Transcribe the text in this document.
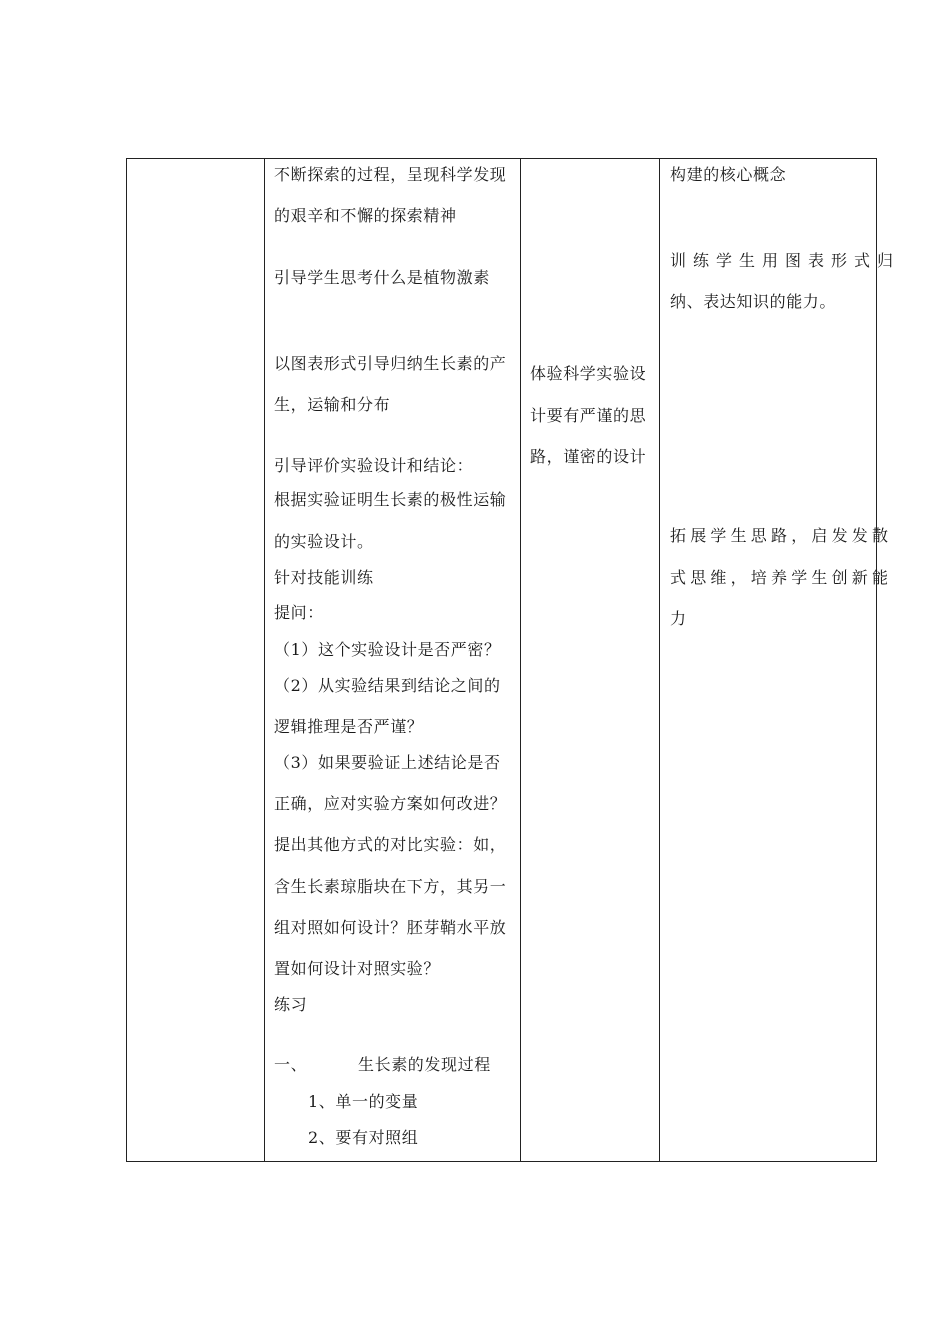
不断探索的过程，呈现科学发现
的艰辛和不懈的探索精神
引导学生思考什么是植物激素
以图表形式引导归纳生长素的产
生，运输和分布
引导评价实验设计和结论：
根据实验证明生长素的极性运输
的实验设计。
针对技能训练
提问：
（1）这个实验设计是否严密？
（2）从实验结果到结论之间的
逻辑推理是否严谨？
（3）如果要验证上述结论是否
正确，应对实验方案如何改进？
提出其他方式的对比实验：如，
含生长素琼脂块在下方，其另一
组对照如何设计？胚芽鞘水平放
置如何设计对照实验？
练习
一、	生长素的发现过程
1、单一的变量
2、要有对照组
体验科学实验设
计要有严谨的思
路，谨密的设计
构建的核心概念
训练学生用图表形式归
纳、表达知识的能力。
拓展学生思路，启发发散
式思维，培养学生创新能
力
